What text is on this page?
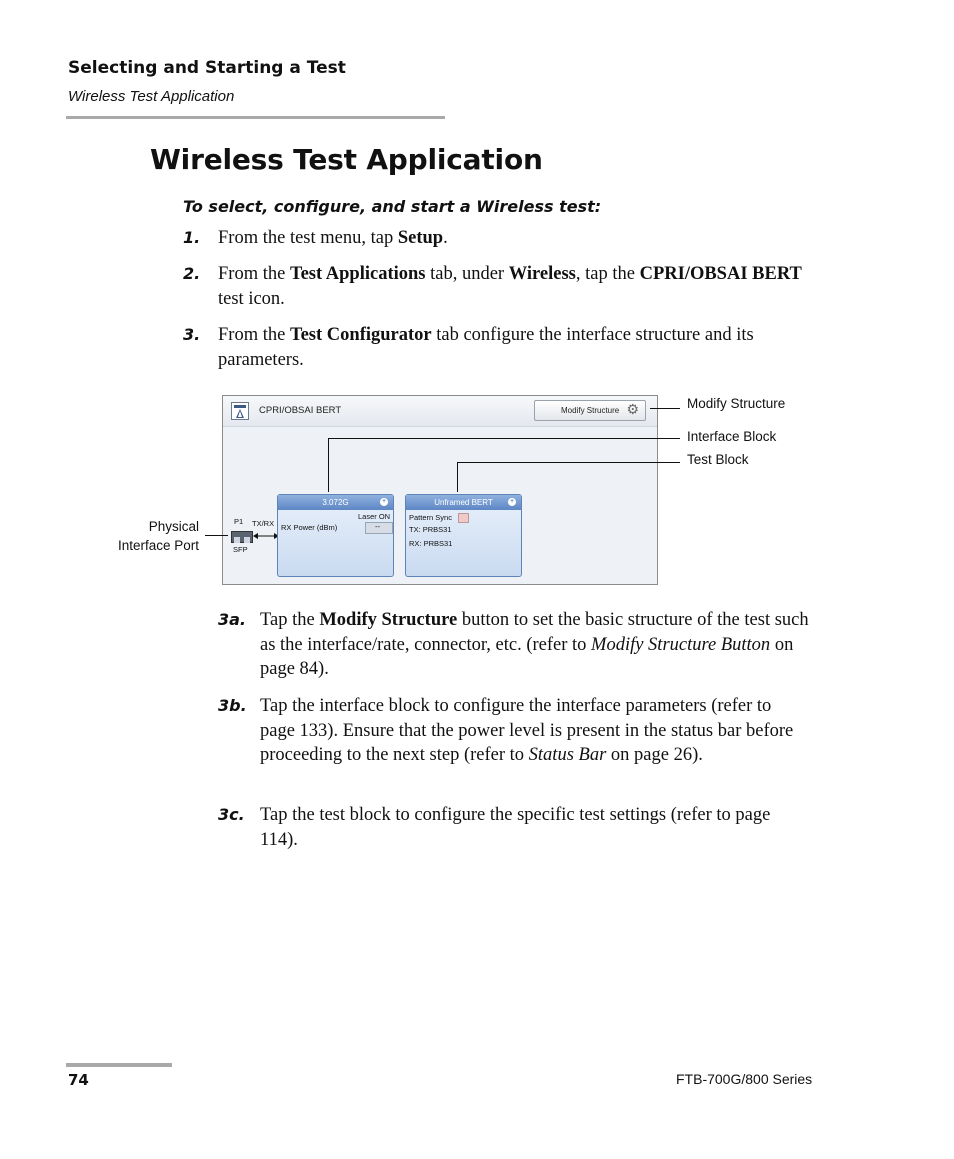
Selecting and Starting a Test
Wireless Test Application
Wireless Test Application
To select, configure, and start a Wireless test:
1. From the test menu, tap Setup.
2. From the Test Applications tab, under Wireless, tap the CPRI/OBSAI BERT test icon.
3. From the Test Configurator tab configure the interface structure and its parameters.
CPRI/OBSAI BERT	Modify Structure ⚙
P1
SFP
TX/RX
3.072G	+
Laser ON
RX Power (dBm)	--
Unframed BERT +
Pattern Sync
TX: PRBS31
RX: PRBS31
Modify Structure
Interface Block
Test Block
Physical
Interface Port
3a. Tap the Modify Structure button to set the basic structure of the test such as the interface/rate, connector, etc. (refer to Modify Structure Button on page 84).
3b. Tap the interface block to configure the interface parameters (refer to page 133). Ensure that the power level is present in the status bar before proceeding to the next step (refer to Status Bar on page 26).
3c. Tap the test block to configure the specific test settings (refer to page 114).
74	FTB-700G/800 Series
